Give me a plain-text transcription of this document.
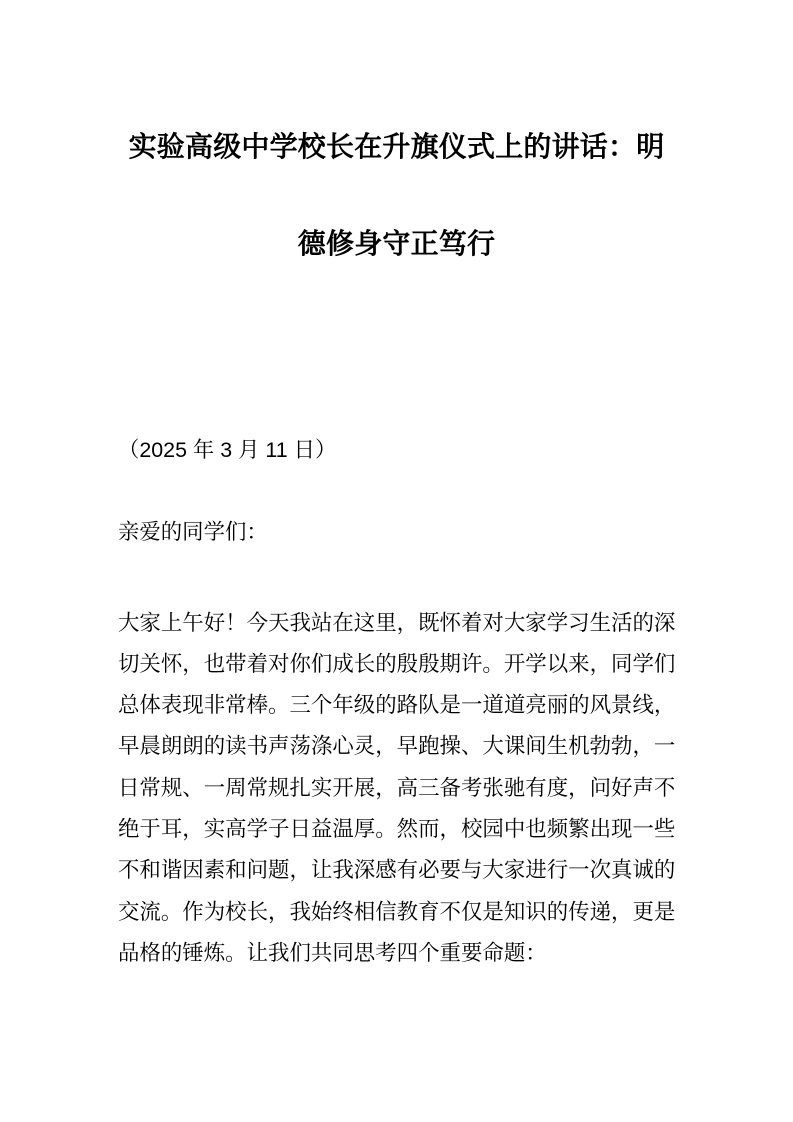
实验高级中学校长在升旗仪式上的讲话：明
德修身守正笃行

（2025 年 3 月 11 日）

亲爱的同学们：

大家上午好！今天我站在这里，既怀着对大家学习生活的深
切关怀，也带着对你们成长的殷殷期许。开学以来，同学们
总体表现非常棒。三个年级的路队是一道道亮丽的风景线，
早晨朗朗的读书声荡涤心灵，早跑操、大课间生机勃勃，一
日常规、一周常规扎实开展，高三备考张驰有度，问好声不
绝于耳，实高学子日益温厚。然而，校园中也频繁出现一些
不和谐因素和问题，让我深感有必要与大家进行一次真诚的
交流。作为校长，我始终相信教育不仅是知识的传递，更是
品格的锤炼。让我们共同思考四个重要命题：
